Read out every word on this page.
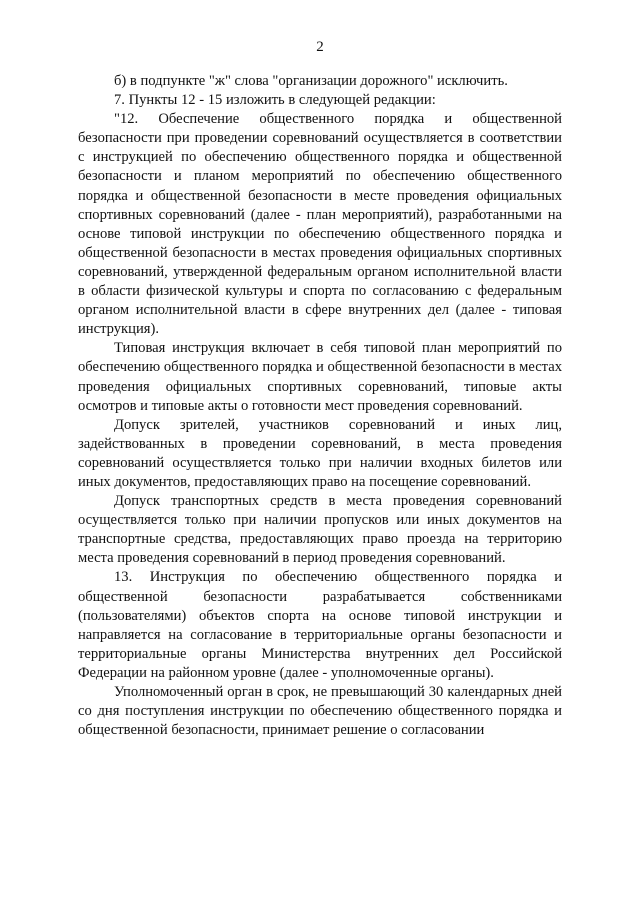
2

б) в подпункте "ж" слова "организации дорожного" исключить.

7. Пункты 12 - 15 изложить в следующей редакции:

"12. Обеспечение общественного порядка и общественной безопасности при проведении соревнований осуществляется в соответствии с инструкцией по обеспечению общественного порядка и общественной безопасности и планом мероприятий по обеспечению общественного порядка и общественной безопасности в месте проведения официальных спортивных соревнований (далее - план мероприятий), разработанными на основе типовой инструкции по обеспечению общественного порядка и общественной безопасности в местах проведения официальных спортивных соревнований, утвержденной федеральным органом исполнительной власти в области физической культуры и спорта по согласованию с федеральным органом исполнительной власти в сфере внутренних дел (далее - типовая инструкция).

Типовая инструкция включает в себя типовой план мероприятий по обеспечению общественного порядка и общественной безопасности в местах проведения официальных спортивных соревнований, типовые акты осмотров и типовые акты о готовности мест проведения соревнований.

Допуск зрителей, участников соревнований и иных лиц, задействованных в проведении соревнований, в места проведения соревнований осуществляется только при наличии входных билетов или иных документов, предоставляющих право на посещение соревнований.

Допуск транспортных средств в места проведения соревнований осуществляется только при наличии пропусков или иных документов на транспортные средства, предоставляющих право проезда на территорию места проведения соревнований в период проведения соревнований.

13. Инструкция по обеспечению общественного порядка и общественной безопасности разрабатывается собственниками (пользователями) объектов спорта на основе типовой инструкции и направляется на согласование в территориальные органы безопасности и территориальные органы Министерства внутренних дел Российской Федерации на районном уровне (далее - уполномоченные органы).

Уполномоченный орган в срок, не превышающий 30 календарных дней со дня поступления инструкции по обеспечению общественного порядка и общественной безопасности, принимает решение о согласовании
